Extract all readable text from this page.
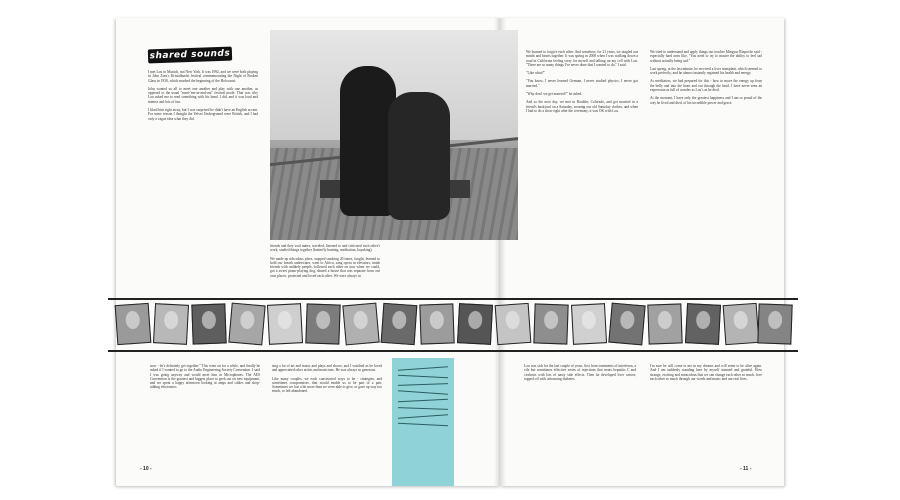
shared sounds

I met Lou in Munich, not New York. It was 1992, and we were both playing in John Zorn's Kristallnacht festival commemorating the Night of Broken Glass in 1938, which marked the beginning of the Holocaust.

John wanted us all to meet one another and play with one another, as opposed to the usual "meet-'em-in-and-out" festival mode. That was why Lou asked me to read something with his band. I did, and it was loud and intense and lots of fun.

I liked him right away, but I was surprised he didn't have an English accent. For some reason I thought the Velvet Underground were British, and I had only a vague idea what they did.

friends and they soul mates, traveled, listened to and criticized each other's work, studied things together (butterfly hunting, meditation, kayaking).

We made up ridiculous jokes, stopped smoking 20 times, fought, learned to hold our breath underwater, went to Africa, sang opera in elevators, made friends with unlikely people, followed each other on tour when we could, got a sweet piano-playing dog, shared a house that was separate from our own places; protected and loved each other. We were always so

We learned to forgive each other. And somehow, for 21 years, we tangled our minds and hearts together. It was spring in 2008 when I was walking down a road in California feeling sorry for myself and talking on my cell with Lou. "There are so many things I've never done that I wanted to do," I said.

"Like what?"

"You know, I never learned German, I never studied physics, I never got married."

"Why don't we get married?" he asked.

And so the next day, we met in Boulder, Colorado, and got married in a friend's backyard on a Saturday, wearing our old Saturday clothes, and when I had to do a show right after the ceremony, it was OK with Lou.

We tried to understand and apply things our teacher Mingyur Rinpoche said - especially hard ones like, "You need to try to master the ability to feel sad without actually being sad."

Last spring, at the last minute, he received a liver transplant, which seemed to work perfectly, and he almost instantly regained his health and energy.

As meditators, we had prepared for this - how to move the energy up from the belly and into the heart and out through the head. I have never seen an expression as full of wonder as Lou's as he died.

At the moment, I have only the greatest happiness and I am so proud of the way he lived and died, of his incredible power and grace.

now - let's definitely get together." This went on for a while, and finally he asked if I wanted to go to the Audio Engineering Society Convention. I said I was going anyway and would meet him in Microphones. The AES Convention is the greatest and biggest place to geek out on new equipment, and we spent a happy afternoon looking at amps and cables and shop-talking electronics.

sing a lot of art and music and plays and shows, and I watched as he loved and appreciated other artists and musicians. He was always so generous.

Like many couples, we each constructed ways to be - strategies, and sometimes compromises, that would enable us to be part of a pair. Sometimes we lost a bit more than we were able to give, or gave up way too much, or felt abandoned.

Lou was sick for the last couple of years, first from treatments of interferon, a vile but sometimes effective series of injections that treats hepatitis C and cirrhosis with lots of nasty side effects. Then he developed liver cancer, topped off with advancing diabetes.

I'm sure he will come to me in my dreams and will seem to be alive again. And I am suddenly standing here by myself stunned and grateful. How strange, exciting and miraculous that we can change each other so much, love each other so much through our words and music and our real lives.

- 10 -	- 11 -
